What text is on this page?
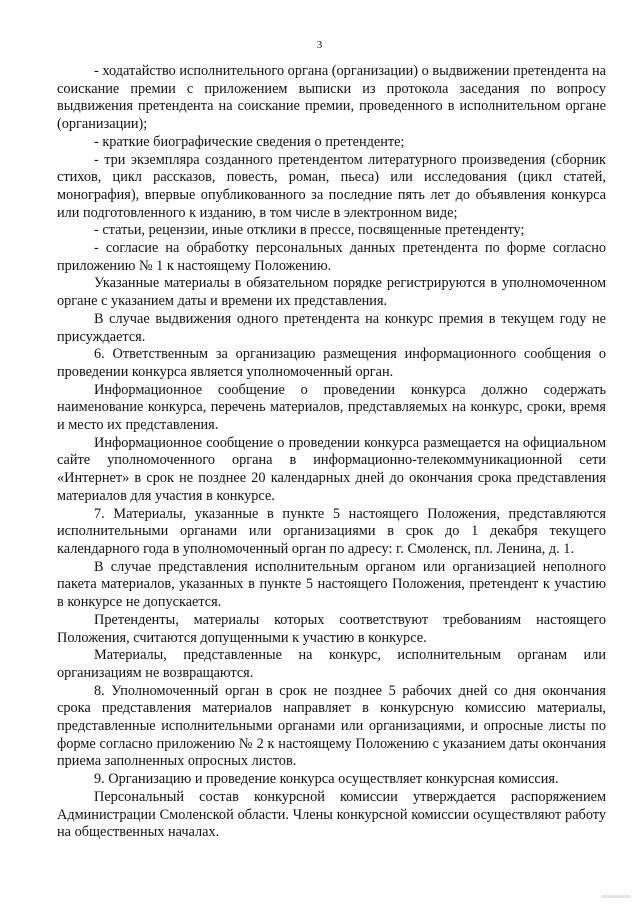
3

- ходатайство исполнительного органа (организации) о выдвижении претендента на соискание премии с приложением выписки из протокола заседания по вопросу выдвижения претендента на соискание премии, проведенного в исполнительном органе (организации);

- краткие биографические сведения о претенденте;

- три экземпляра созданного претендентом литературного произведения (сборник стихов, цикл рассказов, повесть, роман, пьеса) или исследования (цикл статей, монография), впервые опубликованного за последние пять лет до объявления конкурса или подготовленного к изданию, в том числе в электронном виде;

- статьи, рецензии, иные отклики в прессе, посвященные претенденту;

- согласие на обработку персональных данных претендента по форме согласно приложению № 1 к настоящему Положению.

Указанные материалы в обязательном порядке регистрируются в уполномоченном органе с указанием даты и времени их представления.

В случае выдвижения одного претендента на конкурс премия в текущем году не присуждается.

6. Ответственным за организацию размещения информационного сообщения о проведении конкурса является уполномоченный орган.

Информационное сообщение о проведении конкурса должно содержать наименование конкурса, перечень материалов, представляемых на конкурс, сроки, время и место их представления.

Информационное сообщение о проведении конкурса размещается на официальном сайте уполномоченного органа в информационно-телекоммуникационной сети «Интернет» в срок не позднее 20 календарных дней до окончания срока представления материалов для участия в конкурсе.

7. Материалы, указанные в пункте 5 настоящего Положения, представляются исполнительными органами или организациями в срок до 1 декабря текущего календарного года в уполномоченный орган по адресу: г. Смоленск, пл. Ленина, д. 1.

В случае представления исполнительным органом или организацией неполного пакета материалов, указанных в пункте 5 настоящего Положения, претендент к участию в конкурсе не допускается.

Претенденты, материалы которых соответствуют требованиям настоящего Положения, считаются допущенными к участию в конкурсе.

Материалы, представленные на конкурс, исполнительным органам или организациям не возвращаются.

8. Уполномоченный орган в срок не позднее 5 рабочих дней со дня окончания срока представления материалов направляет в конкурсную комиссию материалы, представленные исполнительными органами или организациями, и опросные листы по форме согласно приложению № 2 к настоящему Положению с указанием даты окончания приема заполненных опросных листов.

9. Организацию и проведение конкурса осуществляет конкурсная комиссия.

Персональный состав конкурсной комиссии утверждается распоряжением Администрации Смоленской области. Члены конкурсной комиссии осуществляют работу на общественных началах.
